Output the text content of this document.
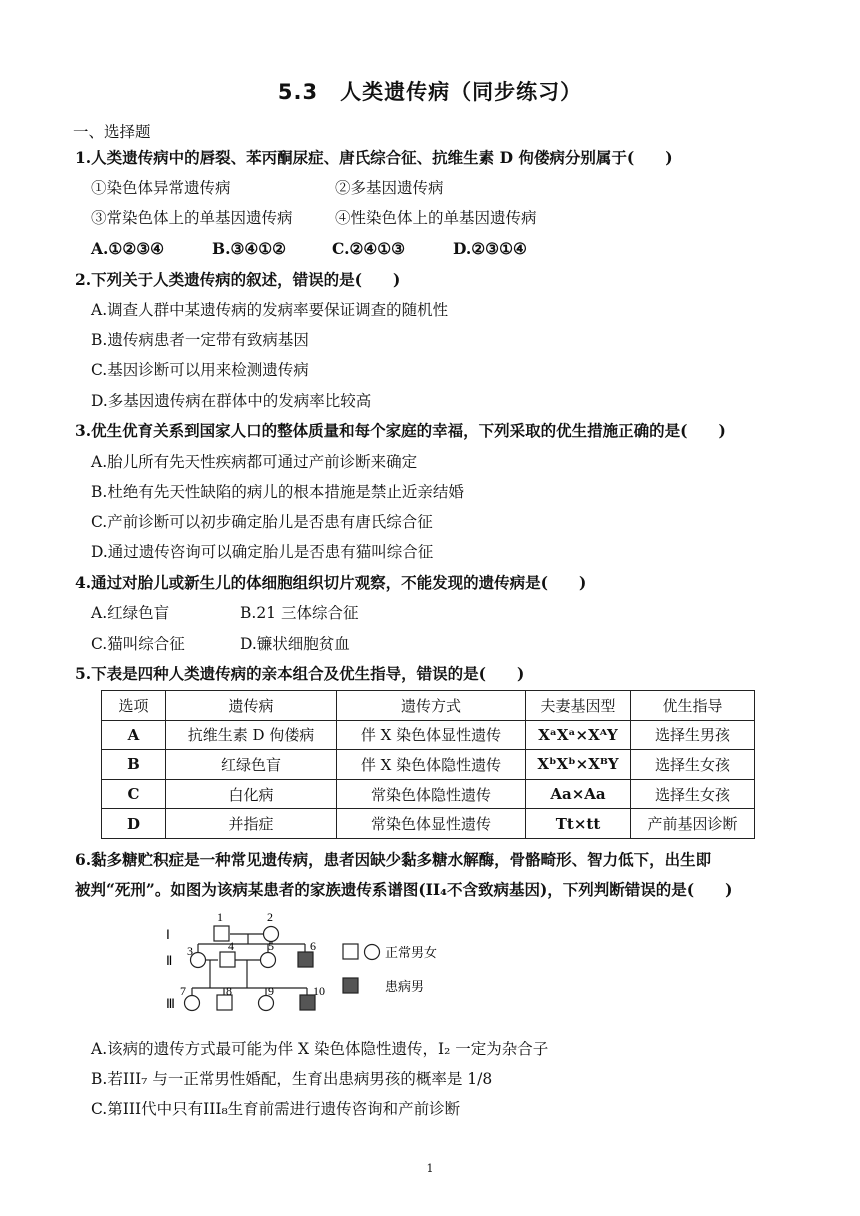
5.3　人类遗传病（同步练习）
一、选择题
1.人类遗传病中的唇裂、苯丙酮尿症、唐氏综合征、抗维生素 D 佝偻病分别属于(　　)
①染色体异常遗传病	②多基因遗传病
③常染色体上的单基因遗传病	④性染色体上的单基因遗传病
A.①②③④	B.③④①②	C.②④①③	D.②③①④
2.下列关于人类遗传病的叙述，错误的是(　　)
A.调查人群中某遗传病的发病率要保证调查的随机性
B.遗传病患者一定带有致病基因
C.基因诊断可以用来检测遗传病
D.多基因遗传病在群体中的发病率比较高
3.优生优育关系到国家人口的整体质量和每个家庭的幸福，下列采取的优生措施正确的是(　　)
A.胎儿所有先天性疾病都可通过产前诊断来确定
B.杜绝有先天性缺陷的病儿的根本措施是禁止近亲结婚
C.产前诊断可以初步确定胎儿是否患有唐氏综合征
D.通过遗传咨询可以确定胎儿是否患有猫叫综合征
4.通过对胎儿或新生儿的体细胞组织切片观察，不能发现的遗传病是(　　)
A.红绿色盲	B.21 三体综合征
C.猫叫综合征	D.镰状细胞贫血
5.下表是四种人类遗传病的亲本组合及优生指导，错误的是(　　)
选项	遗传病	遗传方式	夫妻基因型	优生指导
A	抗维生素 D 佝偻病	伴 X 染色体显性遗传	XᵃXᵃ×XᴬY	选择生男孩
B	红绿色盲	伴 X 染色体隐性遗传	XᵇXᵇ×XᴮY	选择生女孩
C	白化病	常染色体隐性遗传	Aa×Aa	选择生女孩
D	并指症	常染色体显性遗传	Tt×tt	产前基因诊断
6.黏多糖贮积症是一种常见遗传病，患者因缺少黏多糖水解酶，骨骼畸形、智力低下，出生即
被判“死刑”。如图为该病某患者的家族遗传系谱图(II₄不含致病基因)，下列判断错误的是(　　)
Ⅰ
Ⅱ
Ⅲ
1	2
3	4	5	6
7	8	9	10
正常男女
患病男
A.该病的遗传方式最可能为伴 X 染色体隐性遗传，I₂ 一定为杂合子
B.若III₇ 与一正常男性婚配，生育出患病男孩的概率是 1/8
C.第III代中只有III₈生育前需进行遗传咨询和产前诊断
1
